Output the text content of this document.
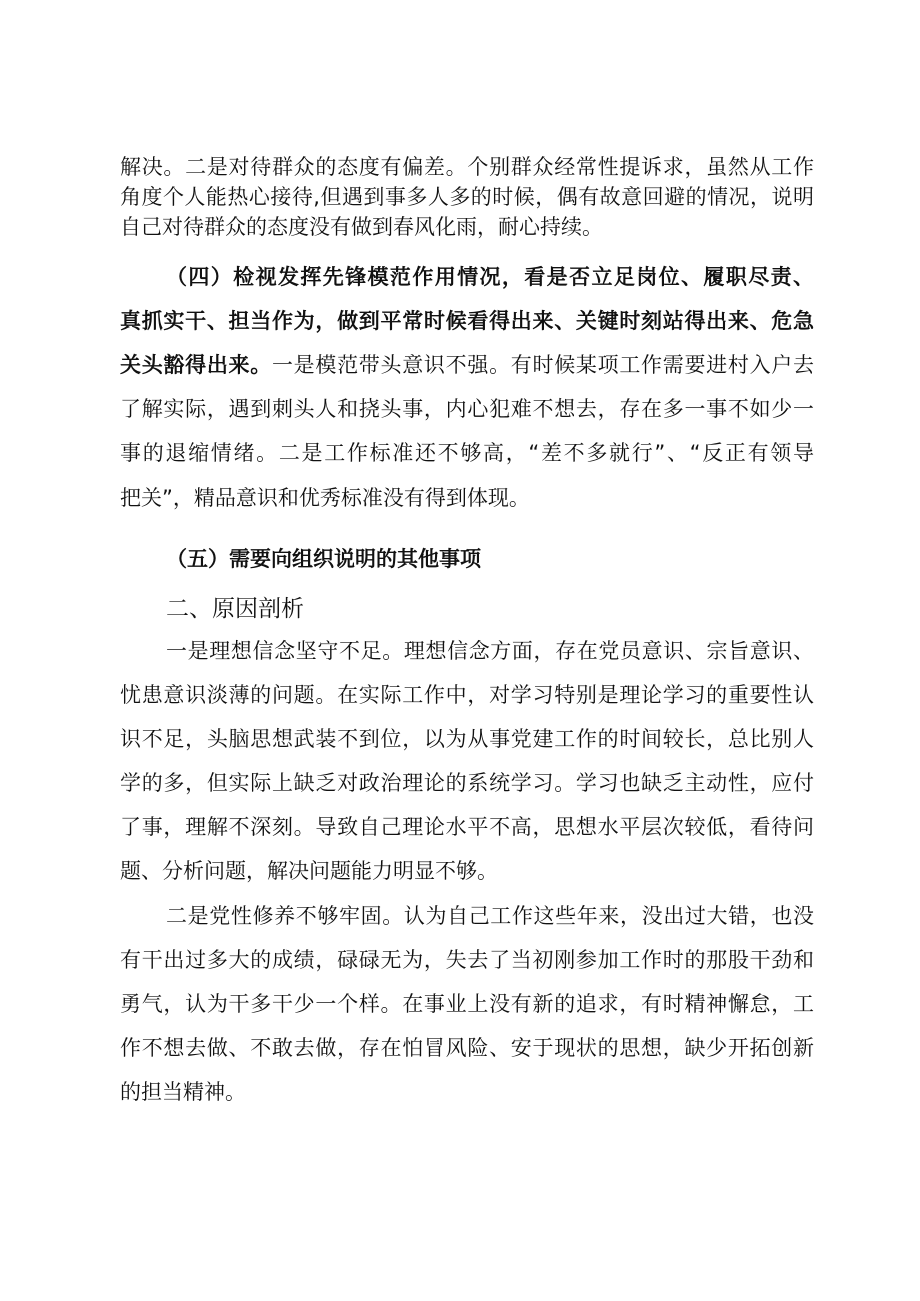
解决。二是对待群众的态度有偏差。个别群众经常性提诉求，虽然从工作
角度个人能热心接待,但遇到事多人多的时候，偶有故意回避的情况，说明
自己对待群众的态度没有做到春风化雨，耐心持续。
（四）检视发挥先锋模范作用情况，看是否立足岗位、履职尽责、
真抓实干、担当作为，做到平常时候看得出来、关键时刻站得出来、危急
关头豁得出来。一是模范带头意识不强。有时候某项工作需要进村入户去
了解实际，遇到刺头人和挠头事，内心犯难不想去，存在多一事不如少一
事的退缩情绪。二是工作标准还不够高，“差不多就行”、“反正有领导
把关”，精品意识和优秀标准没有得到体现。
（五）需要向组织说明的其他事项
二、原因剖析
一是理想信念坚守不足。理想信念方面，存在党员意识、宗旨意识、
忧患意识淡薄的问题。在实际工作中，对学习特别是理论学习的重要性认
识不足，头脑思想武装不到位，以为从事党建工作的时间较长，总比别人
学的多，但实际上缺乏对政治理论的系统学习。学习也缺乏主动性，应付
了事，理解不深刻。导致自己理论水平不高，思想水平层次较低，看待问
题、分析问题，解决问题能力明显不够。
二是党性修养不够牢固。认为自己工作这些年来，没出过大错，也没
有干出过多大的成绩，碌碌无为，失去了当初刚参加工作时的那股干劲和
勇气，认为干多干少一个样。在事业上没有新的追求，有时精神懈怠，工
作不想去做、不敢去做，存在怕冒风险、安于现状的思想，缺少开拓创新
的担当精神。
